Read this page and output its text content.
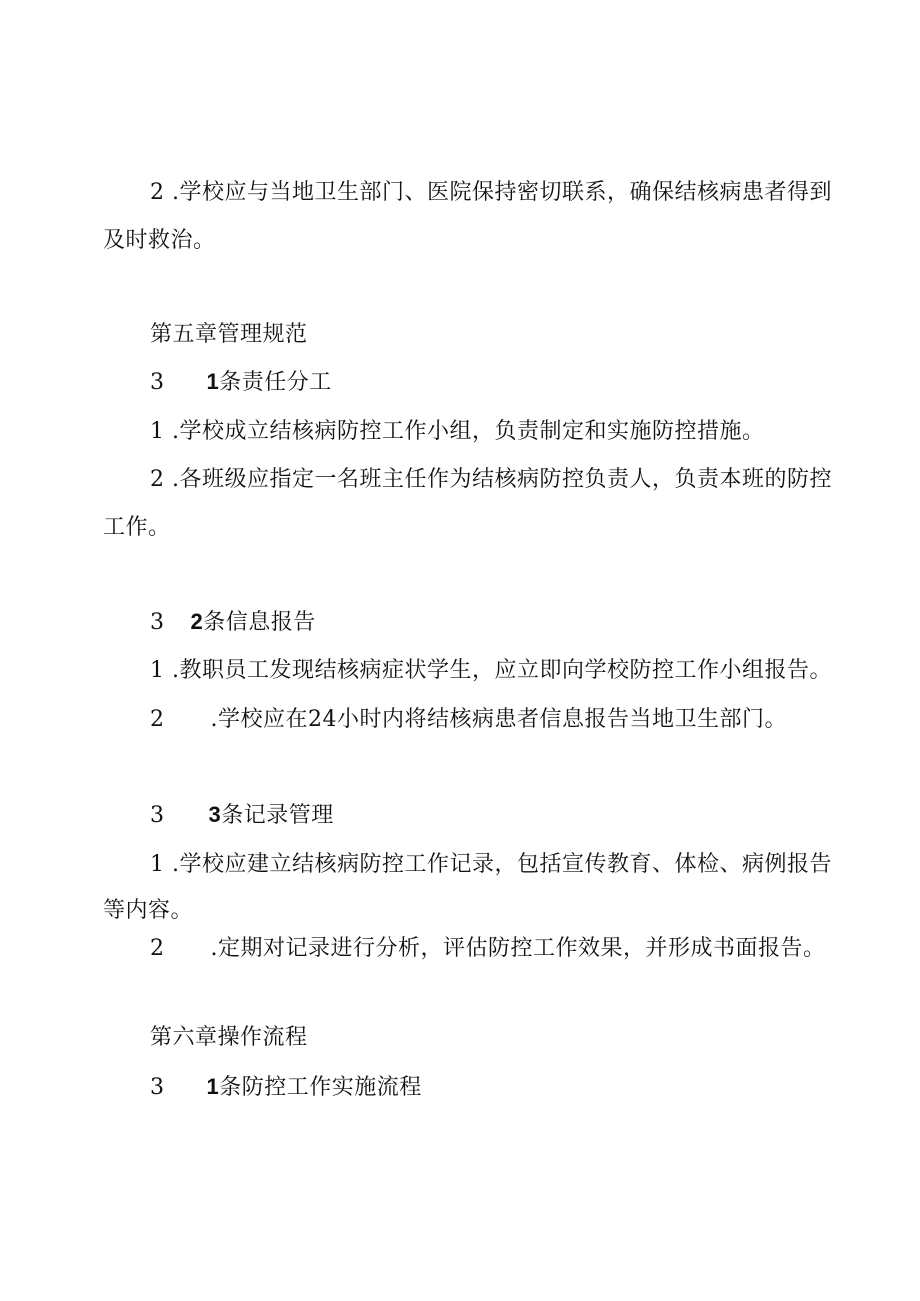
2 .学校应与当地卫生部门、医院保持密切联系，确保结核病患者得到
及时救治。
第五章管理规范
3 1条责任分工
1 .学校成立结核病防控工作小组，负责制定和实施防控措施。
2 .各班级应指定一名班主任作为结核病防控负责人，负责本班的防控
工作。
3 2条信息报告
1 .教职员工发现结核病症状学生，应立即向学校防控工作小组报告。
2 .学校应在24小时内将结核病患者信息报告当地卫生部门。
3 3条记录管理
1 .学校应建立结核病防控工作记录，包括宣传教育、体检、病例报告
等内容。
2 .定期对记录进行分析，评估防控工作效果，并形成书面报告。
第六章操作流程
3 1条防控工作实施流程
